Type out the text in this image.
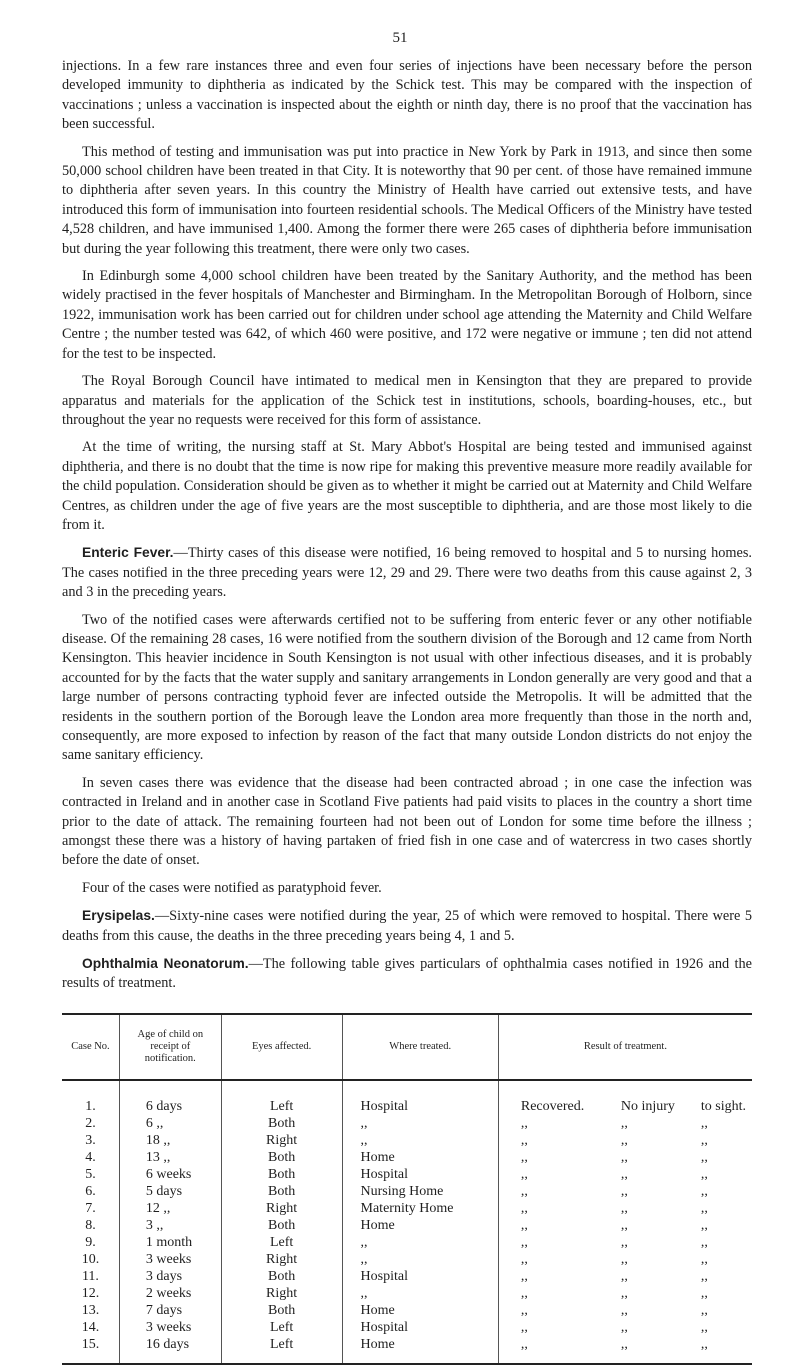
51

injections. In a few rare instances three and even four series of injections have been necessary before the person developed immunity to diphtheria as indicated by the Schick test. This may be compared with the inspection of vaccinations ; unless a vaccination is inspected about the eighth or ninth day, there is no proof that the vaccination has been successful.

This method of testing and immunisation was put into practice in New York by Park in 1913, and since then some 50,000 school children have been treated in that City. It is noteworthy that 90 per cent. of those have remained immune to diphtheria after seven years. In this country the Ministry of Health have carried out extensive tests, and have introduced this form of immunisation into fourteen residential schools. The Medical Officers of the Ministry have tested 4,528 children, and have immunised 1,400. Among the former there were 265 cases of diphtheria before immunisation but during the year following this treatment, there were only two cases.

In Edinburgh some 4,000 school children have been treated by the Sanitary Authority, and the method has been widely practised in the fever hospitals of Manchester and Birmingham. In the Metropolitan Borough of Holborn, since 1922, immunisation work has been carried out for children under school age attending the Maternity and Child Welfare Centre ; the number tested was 642, of which 460 were positive, and 172 were negative or immune ; ten did not attend for the test to be inspected.

The Royal Borough Council have intimated to medical men in Kensington that they are prepared to provide apparatus and materials for the application of the Schick test in institutions, schools, boarding-houses, etc., but throughout the year no requests were received for this form of assistance.

At the time of writing, the nursing staff at St. Mary Abbot's Hospital are being tested and immunised against diphtheria, and there is no doubt that the time is now ripe for making this preventive measure more readily available for the child population. Consideration should be given as to whether it might be carried out at Maternity and Child Welfare Centres, as children under the age of five years are the most susceptible to diphtheria, and are those most likely to die from it.

Enteric Fever.—Thirty cases of this disease were notified, 16 being removed to hospital and 5 to nursing homes. The cases notified in the three preceding years were 12, 29 and 29. There were two deaths from this cause against 2, 3 and 3 in the preceding years.

Two of the notified cases were afterwards certified not to be suffering from enteric fever or any other notifiable disease. Of the remaining 28 cases, 16 were notified from the southern division of the Borough and 12 came from North Kensington. This heavier incidence in South Kensington is not usual with other infectious diseases, and it is probably accounted for by the facts that the water supply and sanitary arrangements in London generally are very good and that a large number of persons contracting typhoid fever are infected outside the Metropolis. It will be admitted that the residents in the southern portion of the Borough leave the London area more frequently than those in the north and, consequently, are more exposed to infection by reason of the fact that many outside London districts do not enjoy the same sanitary efficiency.

In seven cases there was evidence that the disease had been contracted abroad ; in one case the infection was contracted in Ireland and in another case in Scotland Five patients had paid visits to places in the country a short time prior to the date of attack. The remaining fourteen had not been out of London for some time before the illness ; amongst these there was a history of having partaken of fried fish in one case and of watercress in two cases shortly before the date of onset.

Four of the cases were notified as paratyphoid fever.

Erysipelas.—Sixty-nine cases were notified during the year, 25 of which were removed to hospital. There were 5 deaths from this cause, the deaths in the three preceding years being 4, 1 and 5.

Ophthalmia Neonatorum.—The following table gives particulars of ophthalmia cases notified in 1926 and the results of treatment.

Case No.	Age of child on receipt of notification.	Eyes affected.	Where treated.	Result of treatment.

1.	6 days	Left	Hospital	Recovered. No injury to sight.
2.	6 ,,	Both	,,	,, ,, ,,
3.	18 ,,	Right	,,	,, ,, ,,
4.	13 ,,	Both	Home	,, ,, ,,
5.	6 weeks	Both	Hospital	,, ,, ,,
6.	5 days	Both	Nursing Home	,, ,, ,,
7.	12 ,,	Right	Maternity Home	,, ,, ,,
8.	3 ,,	Both	Home	,, ,, ,,
9.	1 month	Left	,,	,, ,, ,,
10.	3 weeks	Right	,,	,, ,, ,,
11.	3 days	Both	Hospital	,, ,, ,,
12.	2 weeks	Right	,,	,, ,, ,,
13.	7 days	Both	Home	,, ,, ,,
14.	3 weeks	Left	Hospital	,, ,, ,,
15.	16 days	Left	Home	,, ,, ,,
